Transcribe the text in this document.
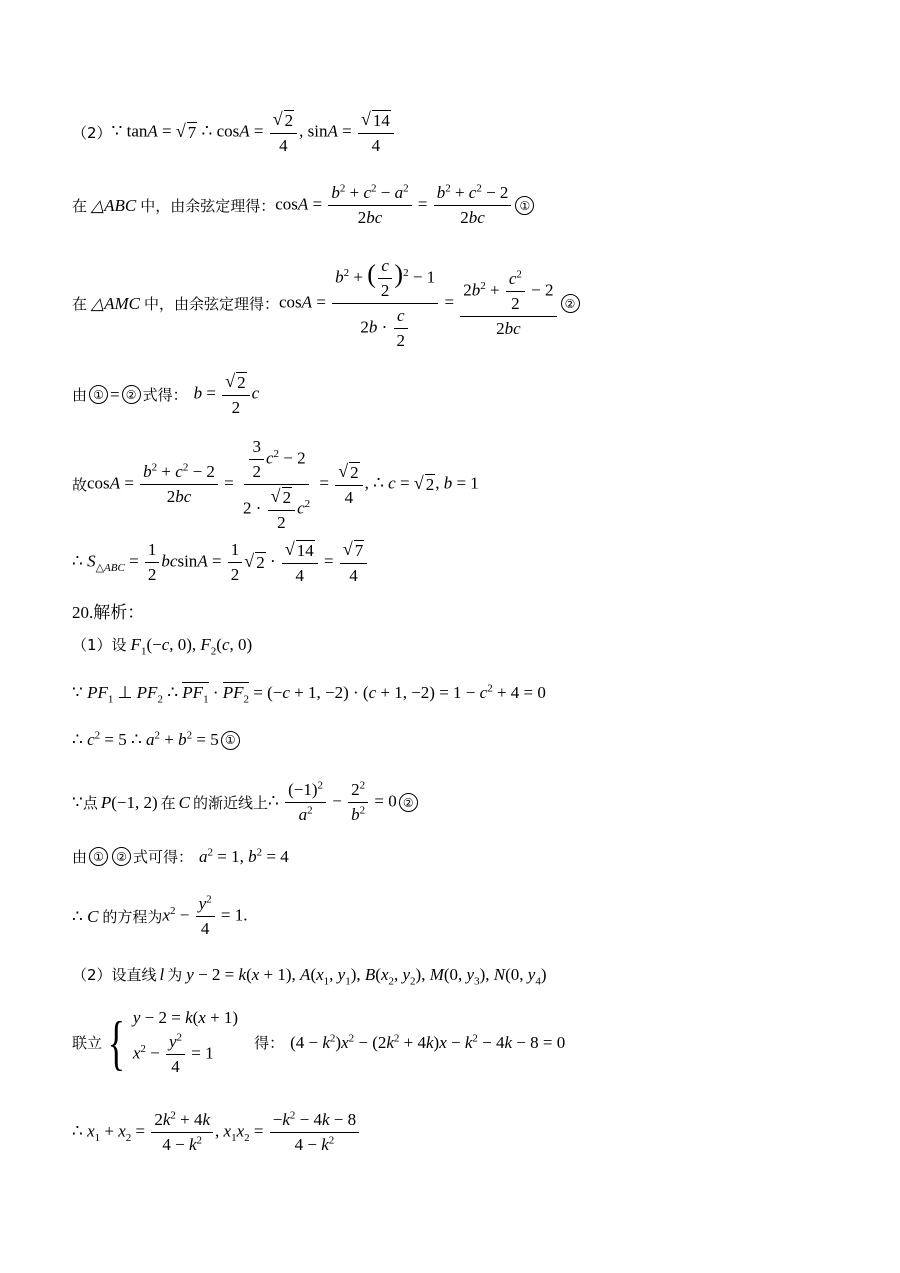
（2） ∵ tanA = √ 7 ∴ $\cos A = \frac{√ 2}{4}$ , $\sin A = \frac{√ 14}{4}$
在 △ABC 中，由余弦定理得： $\cos A = \frac{b^2 + c^2 - a^2}{2bc} = \frac{b^2 + c^2 - 2}{2bc}$ ①
在 △AMC 中，由余弦定理得： $\cos A = \frac{b^2 + ( \frac{c}{2} )^2 - 1}{2b \cdot \frac{c}{2}} = \frac{2b^2 + \frac{c^2}{2} - 2}{2bc}$ ②
由 ① = ② 式得： $b = \frac{√ 2}{2}$ c
故 $\cos A = \frac{b^2 + c^2 - 2}{2bc} = \frac{\frac{3}{2} c^2 - 2}{2 \cdot \frac{√ 2}{2} c^2} = \frac{√ 2}{4}$ , ∴ c = √ 2 , b = 1
∴ $S_{\triangle ABC} = \frac{1}{2}$ $bcsinA = \frac{1}{2}$ √ $2 \cdot \frac{√ 14}{4} = \frac{√ 7}{4}$
20.解析：
（1）设 $F_1(-c$, 0), $F_2(c$, 0)
∵ $PF_1$ ⊥ $PF_2$ ∴ $PF_1 \cdot PF_2 = (-c + 1$, −2) · (c + 1, $-2) = 1 - c^2 + 4 = 0$
∴ $c^2 = 5$ ∴ $a^2 + b^2 = 5$ ①
∵ 点 P(−1, 2) 在 C 的渐近线上 ∴ $\frac{(-1)^2}{a^2} - \frac{2^2}{b^2} = 0$ ②
由 ①	② 式可得： $a^2 = 1$, $b^2 = 4$
∴ C 的方程为 $x^2 - \frac{y^2}{4} = 1$.
（2）设直线 l 为 y − 2 = k(x + 1), $A(x_1$, $y_1$), $B(x_2$, $y_2$), M(0, $y_3$), N(0, $y_4$)
联立 { y − 2 = k(x + 1)
$x^2 - \frac{y^2}{4} = 1$
得： $(4 - k^2)x^2 - (2k^2 + 4k)x - k^2 - 4k - 8 = 0$
∴ $x_1 + x_2 = \frac{2k^2 + 4k}{4 - k^2}$ , $x_1x_2 = \frac{-k^2 - 4k - 8}{4 - k^2}$
